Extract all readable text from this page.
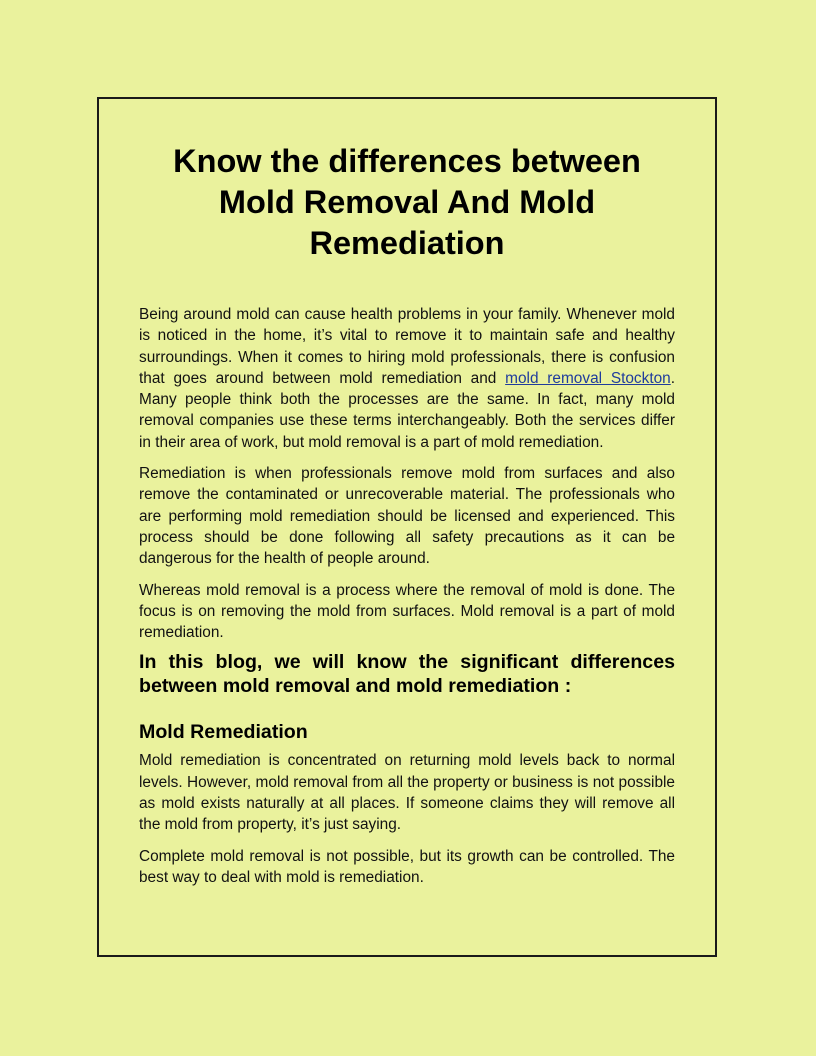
Know the differences between Mold Removal And Mold Remediation

Being around mold can cause health problems in your family. Whenever mold is noticed in the home, it’s vital to remove it to maintain safe and healthy surroundings. When it comes to hiring mold professionals, there is confusion that goes around between mold remediation and mold removal Stockton. Many people think both the processes are the same. In fact, many mold removal companies use these terms interchangeably. Both the services differ in their area of work, but mold removal is a part of mold remediation.

Remediation is when professionals remove mold from surfaces and also remove the contaminated or unrecoverable material. The professionals who are performing mold remediation should be licensed and experienced. This process should be done following all safety precautions as it can be dangerous for the health of people around.

Whereas mold removal is a process where the removal of mold is done. The focus is on removing the mold from surfaces. Mold removal is a part of mold remediation.

In this blog, we will know the significant differences between mold removal and mold remediation :
Mold Remediation

Mold remediation is concentrated on returning mold levels back to normal levels. However, mold removal from all the property or business is not possible as mold exists naturally at all places. If someone claims they will remove all the mold from property, it’s just saying.

Complete mold removal is not possible, but its growth can be controlled. The best way to deal with mold is remediation.
